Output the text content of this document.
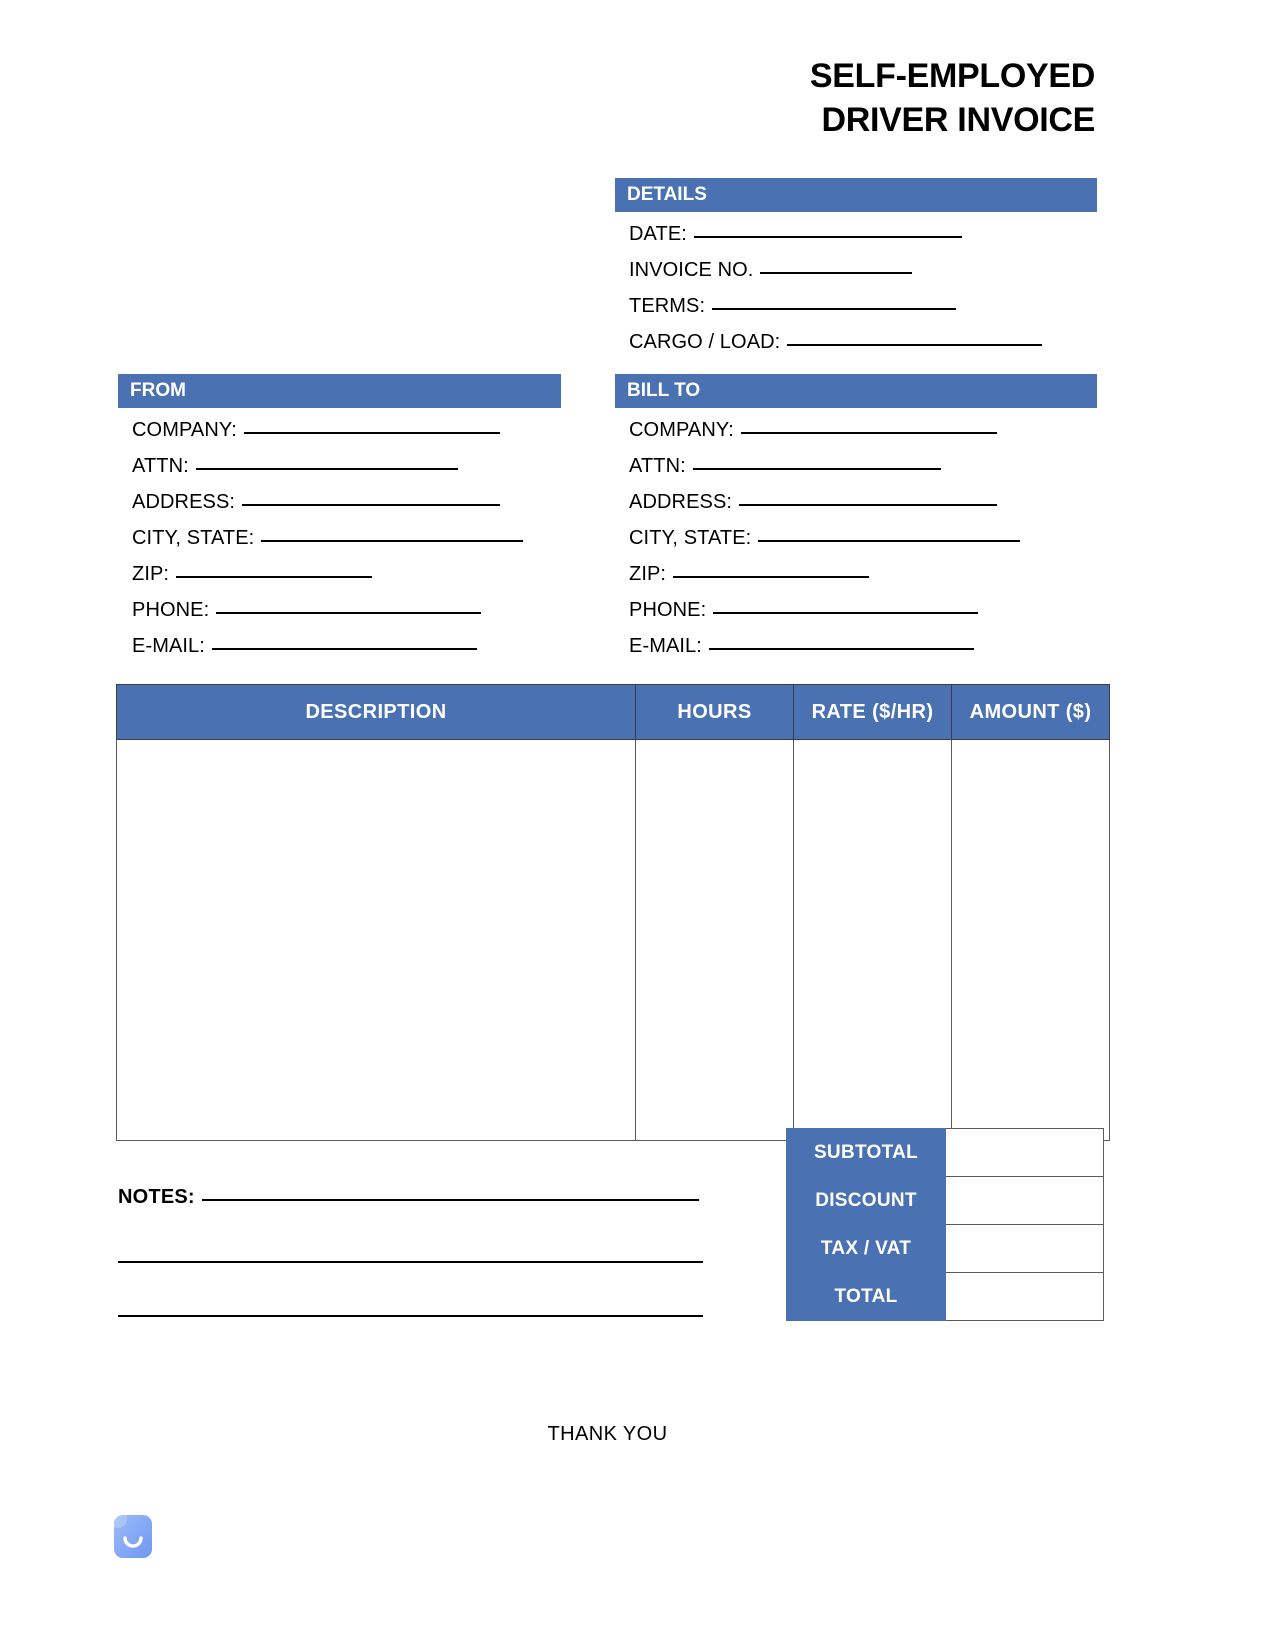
SELF-EMPLOYED
DRIVER INVOICE
DETAILS
DATE:
INVOICE NO.
TERMS:
CARGO / LOAD:
FROM
COMPANY:
ATTN:
ADDRESS:
CITY, STATE:
ZIP:
PHONE:
E-MAIL:
BILL TO
COMPANY:
ATTN:
ADDRESS:
CITY, STATE:
ZIP:
PHONE:
E-MAIL:
DESCRIPTION	HOURS	RATE ($/HR)	AMOUNT ($)

SUBTOTAL	
DISCOUNT	
TAX / VAT	
TOTAL	
NOTES:
THANK YOU
